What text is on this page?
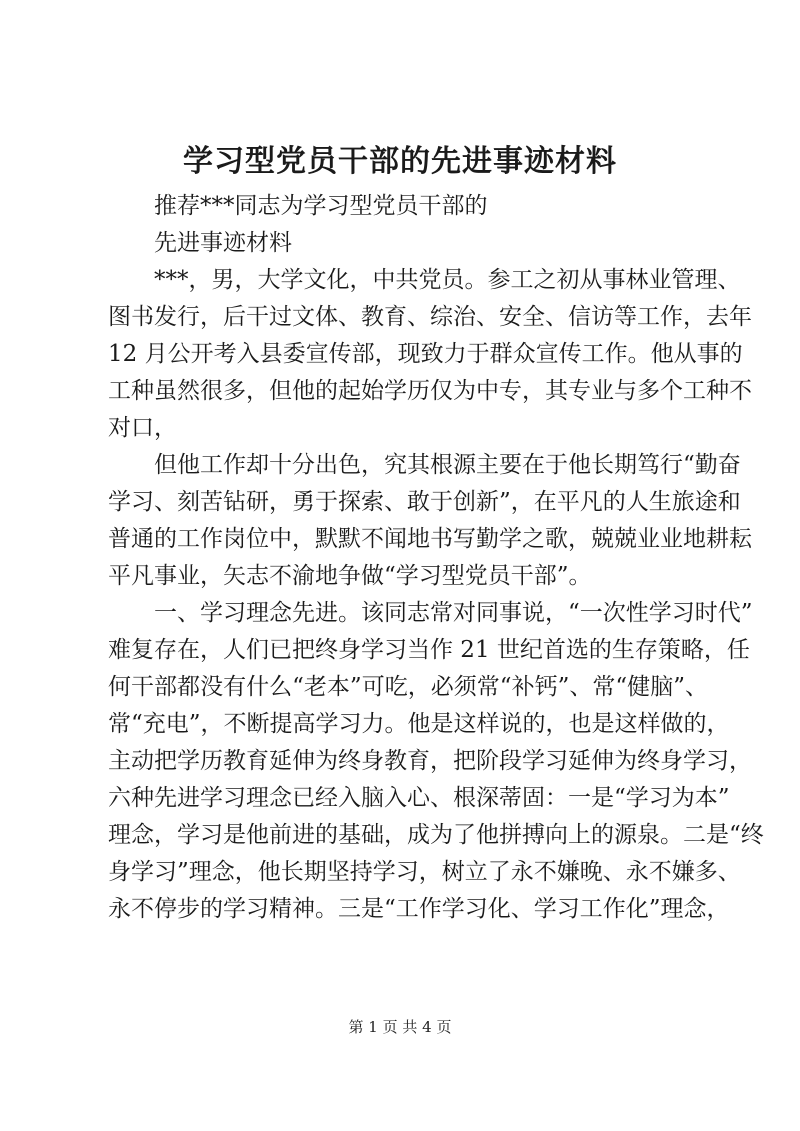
学习型党员干部的先进事迹材料
推荐***同志为学习型党员干部的
先进事迹材料
***，男，大学文化，中共党员。参工之初从事林业管理、
图书发行，后干过文体、教育、综治、安全、信访等工作，去年
12 月公开考入县委宣传部，现致力于群众宣传工作。他从事的
工种虽然很多，但他的起始学历仅为中专，其专业与多个工种不
对口，
但他工作却十分出色，究其根源主要在于他长期笃行“勤奋
学习、刻苦钻研，勇于探索、敢于创新”，在平凡的人生旅途和
普通的工作岗位中，默默不闻地书写勤学之歌，兢兢业业地耕耘
平凡事业，矢志不渝地争做“学习型党员干部”。
一、学习理念先进。该同志常对同事说，“一次性学习时代”
难复存在，人们已把终身学习当作 21 世纪首选的生存策略，任
何干部都没有什么“老本”可吃，必须常“补钙”、常“健脑”、
常“充电”，不断提高学习力。他是这样说的，也是这样做的，
主动把学历教育延伸为终身教育，把阶段学习延伸为终身学习，
六种先进学习理念已经入脑入心、根深蒂固：一是“学习为本”
理念，学习是他前进的基础，成为了他拼搏向上的源泉。二是“终
身学习”理念，他长期坚持学习，树立了永不嫌晚、永不嫌多、
永不停步的学习精神。三是“工作学习化、学习工作化”理念，
第 1 页 共 4 页
